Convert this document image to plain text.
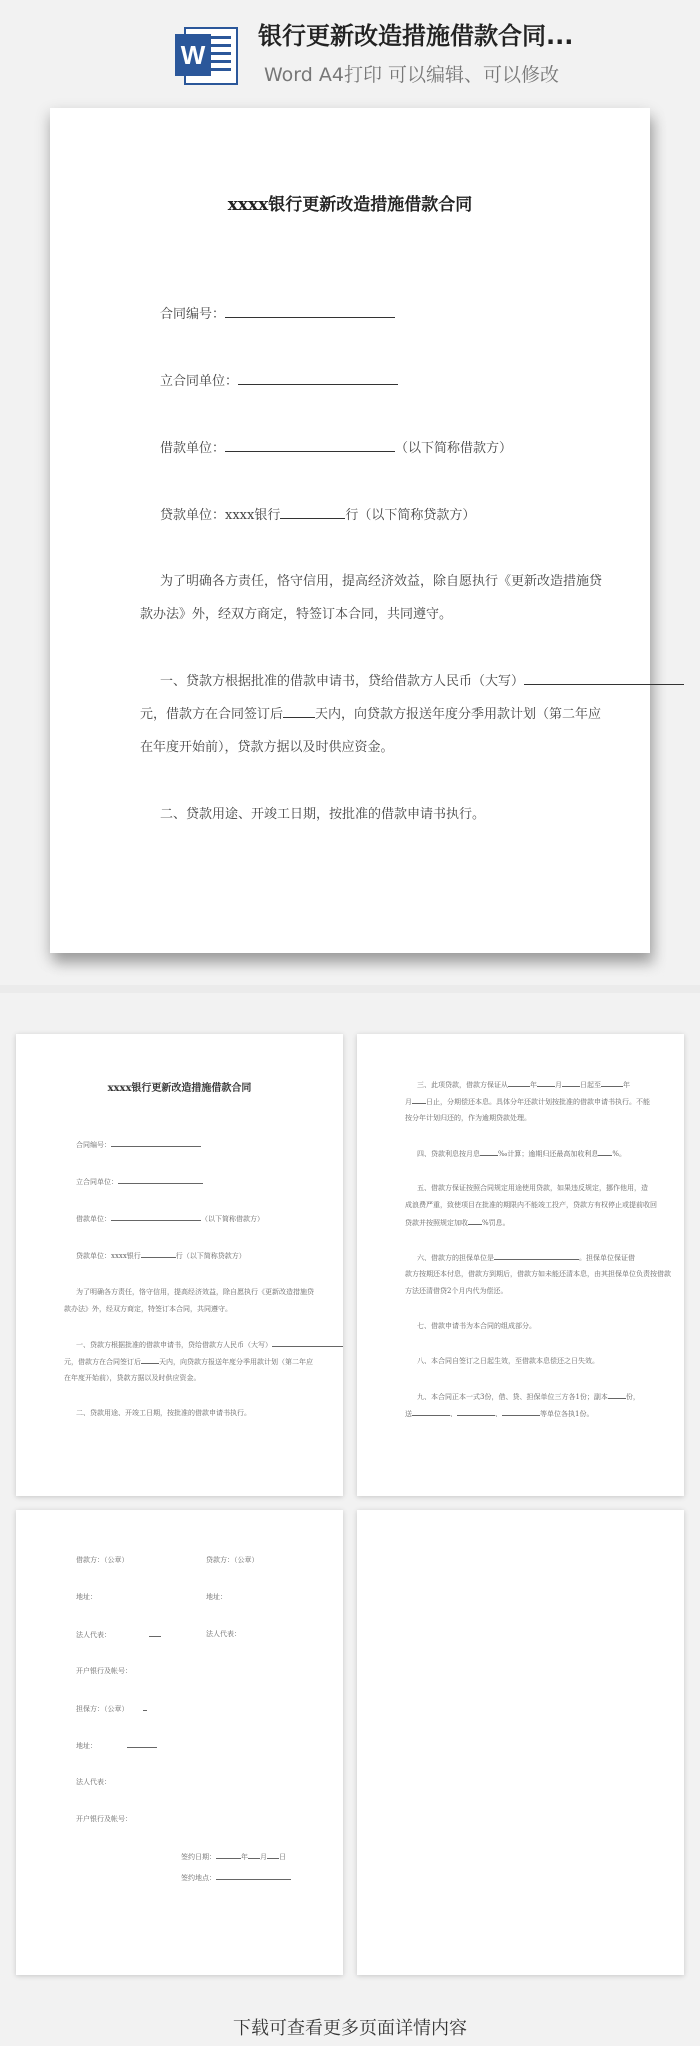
W
银行更新改造措施借款合同...
Word A4打印 可以编辑、可以修改
xxxx银行更新改造措施借款合同
合同编号：
立合同单位：
借款单位：	（以下简称借款方）
贷款单位：xxxx银行	行（以下简称贷款方）
为了明确各方责任，恪守信用，提高经济效益，除自愿执行《更新改造措施贷
款办法》外，经双方商定，特签订本合同，共同遵守。
一、贷款方根据批准的借款申请书，贷给借款方人民币（大写）
元，借款方在合同签订后 天内，向贷款方报送年度分季用款计划（第二年应
在年度开始前），贷款方据以及时供应资金。
二、贷款用途、开竣工日期，按批准的借款申请书执行。
xxxx银行更新改造措施借款合同
合同编号：
立合同单位：
借款单位：	（以下简称借款方）
贷款单位：xxxx银行	行（以下简称贷款方）
为了明确各方责任，恪守信用，提高经济效益，除自愿执行《更新改造措施贷
款办法》外，经双方商定，特签订本合同，共同遵守。
一、贷款方根据批准的借款申请书，贷给借款方人民币（大写）
元，借款方在合同签订后	天内，向贷款方报送年度分季用款计划（第二年应
在年度开始前），贷款方据以及时供应资金。
二、贷款用途、开竣工日期，按批准的借款申请书执行。
三、此项贷款，借款方保证从	年	月	日起至	年
月 日止，分期偿还本息。具体分年还款计划按批准的借款申请书执行。不能
按分年计划归还的，作为逾期贷款处理。
四、贷款利息按月息	‰计算；逾期归还最高加收利息 %。
五、借款方保证按照合同规定用途使用贷款，如果违反规定，挪作他用，造
成浪费严重，致使项目在批准的期限内不能竣工投产，贷款方有权停止或提前收回
贷款并按照规定加收 %罚息。
六、借款方的担保单位是	。担保单位保证借
款方按期还本付息，借款方到期后，借款方如未能还清本息，由其担保单位负责按借款
方法还清借贷2个月内代为偿还。
七、借款申请书为本合同的组成部分。
八、本合同自签订之日起生效，至借款本息偿还之日失效。
九、本合同正本一式3份，借、贷、担保单位三方各1份；副本	份，
送	、	、	等单位各执1份。
借款方：（公章）	贷款方：（公章）
地址：	地址：
法人代表：	法人代表：
开户银行及帐号：
担保方：（公章）
地址：
法人代表：
开户银行及帐号：
签约日期：	年 月 日
签约地点：
下载可查看更多页面详情内容
